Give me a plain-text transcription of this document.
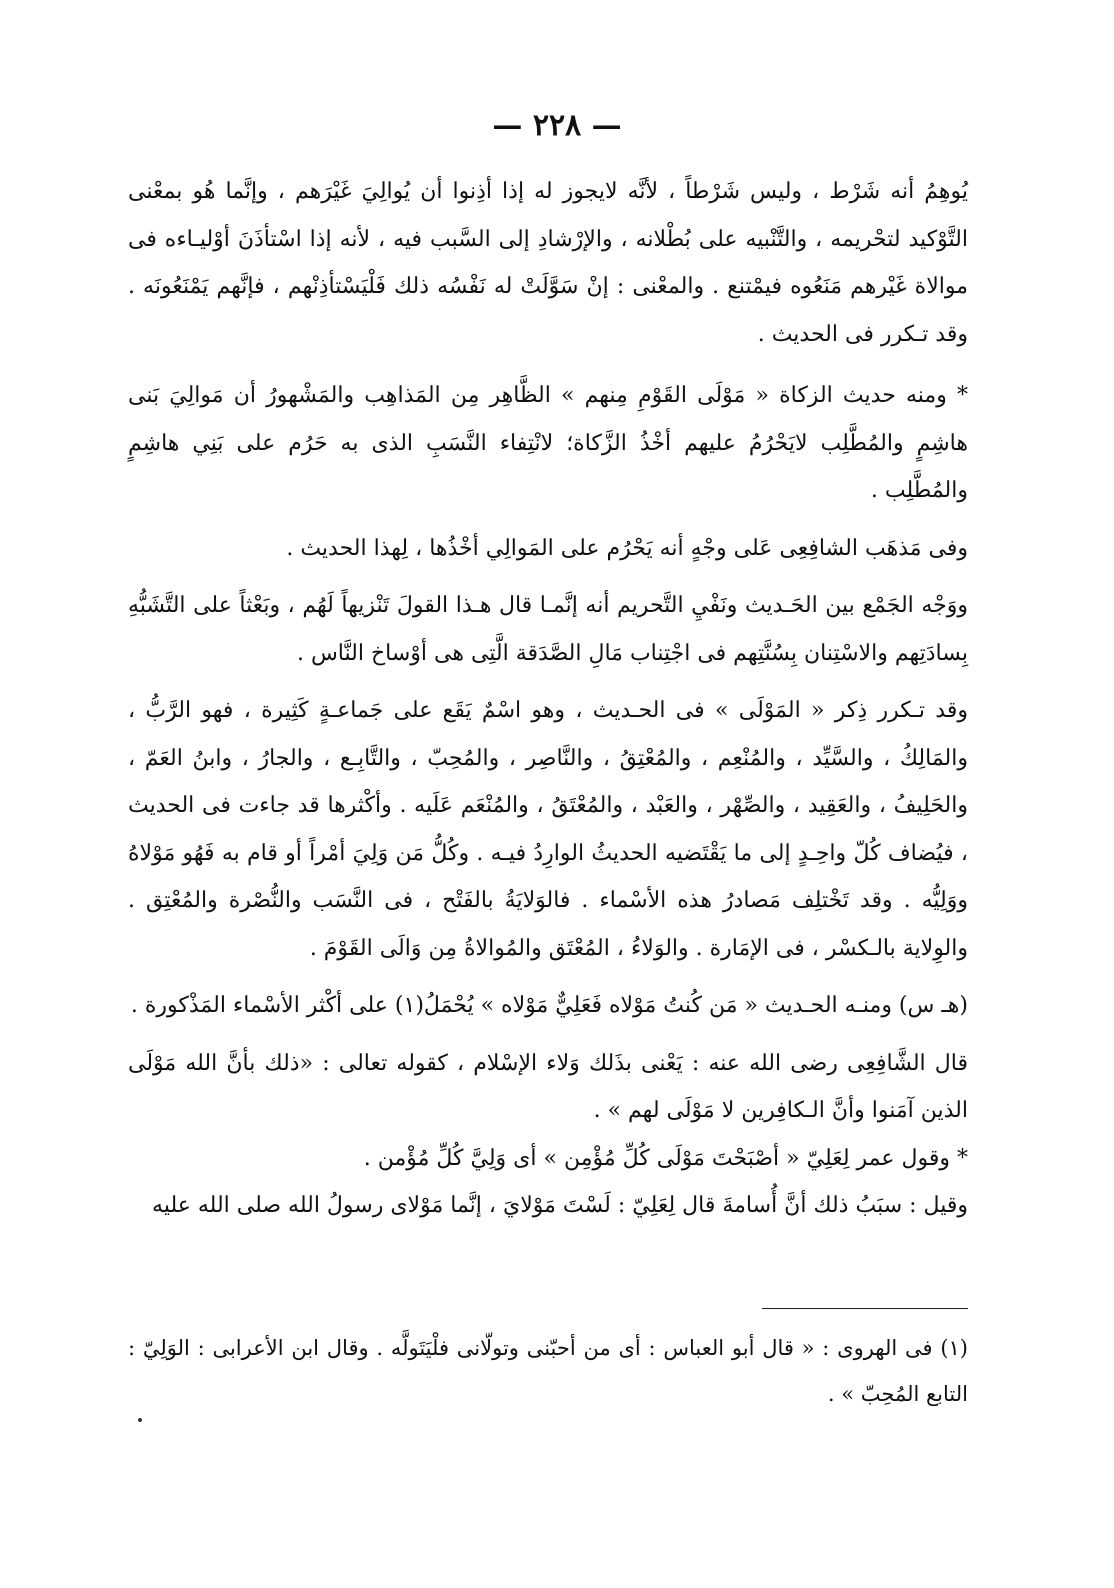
— ٢٢٨ —

يُوهِمُ أنه شَرْط ، وليس شَرْطاً ، لأنَّه لايجوز له إذا أذِنوا أن يُوالِيَ غَيْرَهم ، وإنَّما هُو بمعْنى التَّوْكيد لتحْريمه ، والتَّنْبيه على بُطْلانه ، والإرْشادِ إلى السَّبب فيه ، لأنه إذا اسْتأذَنَ أوْليـاءه فى موالاة غَيْرهم مَنَعُوه فيمْتنع . والمعْنى : إنْ سَوَّلَتْ له نَفْسُه ذلك فَلْيَسْتأذِنْهم ، فإنَّهم يَمْنَعُونَه . وقد تـكرر فى الحديث .

* ومنه حديث الزكاة « مَوْلَى القَوْمِ مِنهم » الظَّاهِر مِن المَذاهِب والمَشْهورُ أن مَوالِيَ بَنى هاشِمٍ والمُطَّلِب لايَحْرُمُ عليهم أخْذُ الزَّكاة؛ لانْتِفاء النَّسَبِ الذى به حَرُم على بَنِي هاشِمٍ والمُطَّلِب .

وفى مَذهَب الشافِعِى عَلى وجْهٍ أنه يَحْرُم على المَوالِي أخْذُها ، لِهذا الحديث .

ووَجْه الجَمْع بين الحَـديث ونَفْيِ التَّحريم أنه إنَّمـا قال هـذا القولَ تَنْزيهاً لَهُم ، وبَعْثاً على التَّشَبُّهِ بِسادَتِهم والاسْتِنان بِسُنَّتِهم فى اجْتِناب مَالِ الصَّدَقة الَّتِى هى أوْساخ النَّاس .

وقد تـكرر ذِكر « المَوْلَى » فى الحـديث ، وهو اسْمٌ يَقَع على جَماعـةٍ كَثِيرة ، فهو الرَّبُّ ، والمَالِكُ ، والسَّيِّد ، والمُنْعِم ، والمُعْتِقُ ، والنَّاصِر ، والمُحِبّ ، والتَّابِـع ، والجارُ ، وابنُ العَمّ ، والحَلِيفُ ، والعَقِيد ، والصِّهْر ، والعَبْد ، والمُعْتَقُ ، والمُنْعَم عَلَيه . وأكْثرها قد جاءت فى الحديث ، فيُضاف كُلّ واحِـدٍ إلى ما يَقْتَضيه الحديثُ الوارِدُ فيـه . وكُلُّ مَن وَلِيَ أمْراً أو قام به فَهُو مَوْلاهُ ووَلِيُّه . وقد تَخْتلِف مَصادرُ هذه الأسْماء . فالوَلايَةُ بالفَتْح ، فى النَّسَب والنُّصْرة والمُعْتِق . والوِلاية بالـكسْر ، فى الإمَارة . والوَلاءُ ، المُعْتَق والمُوالاةُ مِن وَالَى القَوْمَ .

(هـ س) ومنـه الحـديث « مَن كُنتُ مَوْلاه فَعَلِيٌّ مَوْلاه » يُحْمَلُ(١) على أكْثر الأسْماء المَذْكورة .

قال الشَّافِعِى رضى الله عنه : يَعْنى بذَلك وَلاء الإسْلام ، كقوله تعالى : «ذلك بأنَّ الله مَوْلَى الذين آمَنوا وأنَّ الـكافِرين لا مَوْلَى لهم » .

* وقول عمر لِعَلِيّ « أصْبَحْتَ مَوْلَى كُلِّ مُؤْمِن » أى وَلِيَّ كُلِّ مُؤْمن .

وقيل : سبَبُ ذلك أنَّ أُسامةَ قال لِعَلِيّ : لَسْتَ مَوْلايَ ، إنَّما مَوْلاى رسولُ الله صلى الله عليه

(١) فى الهروى : « قال أبو العباس : أى من أحبّنى وتولّانى فلْيَتَولَّه . وقال ابن الأعرابى : الوَلِيّ : التابع المُحِبّ » .
